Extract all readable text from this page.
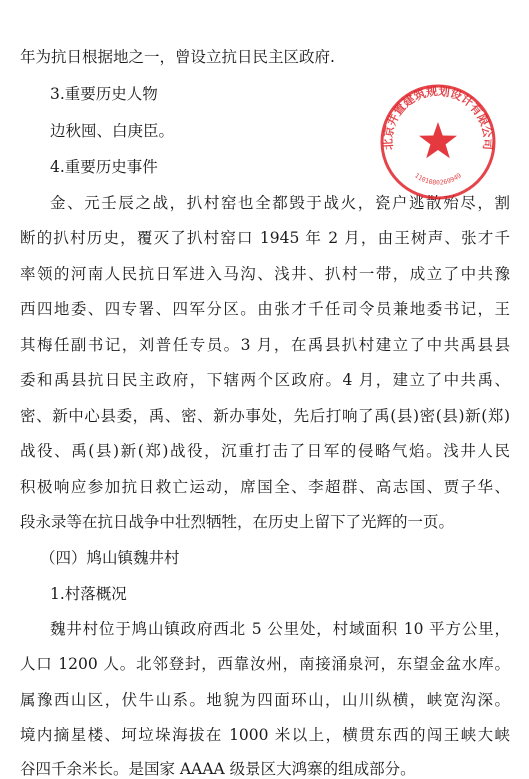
年为抗日根据地之一，曾设立抗日民主区政府.
3.重要历史人物
边秋囤、白庚臣。
4.重要历史事件
金、元壬辰之战，扒村窑也全都毁于战火，瓷户逃散殆尽，割
断的扒村历史，覆灭了扒村窑口 1945 年 2 月，由王树声、张才千
率领的河南人民抗日军进入马沟、浅井、扒村一带，成立了中共豫
西四地委、四专署、四军分区。由张才千任司令员兼地委书记，王
其梅任副书记，刘普任专员。3 月，在禹县扒村建立了中共禹县县
委和禹县抗日民主政府，下辖两个区政府。4 月，建立了中共禹、
密、新中心县委，禹、密、新办事处，先后打响了禹(县)密(县)新(郑)
战役、禹(县)新(郑)战役，沉重打击了日军的侵略气焰。浅井人民
积极响应参加抗日救亡运动，席国全、李超群、高志国、贾子华、
段永录等在抗日战争中壮烈牺牲，在历史上留下了光辉的一页。
（四）鸠山镇魏井村
1.村落概况
魏井村位于鸠山镇政府西北 5 公里处，村域面积 10 平方公里，
人口 1200 人。北邻登封，西靠汝州，南接涌泉河，东望金盆水库。
属豫西山区，伏牛山系。地貌为四面环山，山川纵横，峡宽沟深。
境内摘星楼、坷垃垛海拔在 1000 米以上，横贯东西的闯王峡大峡
谷四千余米长。是国家 AAAA 级景区大鸿寨的组成部分。
北京井置建筑规划设计有限公司
1101080269949
